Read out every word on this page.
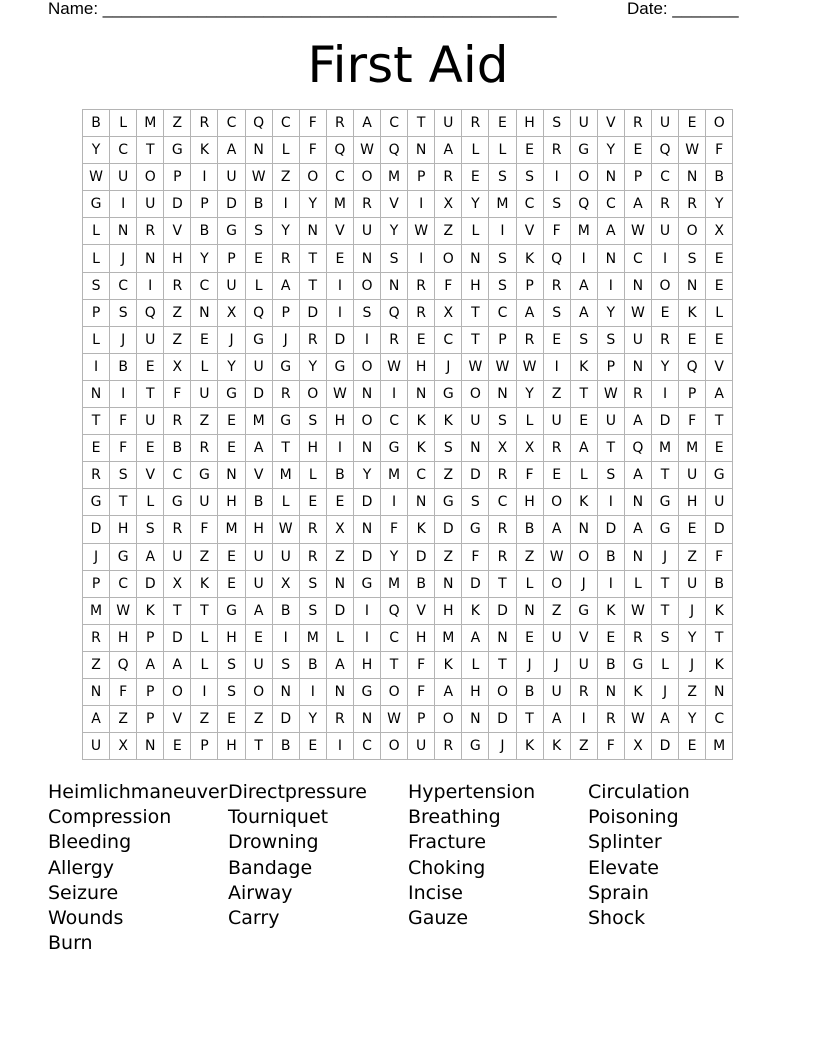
Name: ________________________________________________	Date: _______
First Aid
B	L	M	Z	R	C	Q	C	F	R	A	C	T	U	R	E	H	S	U	V	R	U	E	O
Y	C	T	G	K	A	N	L	F	Q	W	Q	N	A	L	L	E	R	G	Y	E	Q	W	F
W	U	O	P	I	U	W	Z	O	C	O	M	P	R	E	S	S	I	O	N	P	C	N	B
G	I	U	D	P	D	B	I	Y	M	R	V	I	X	Y	M	C	S	Q	C	A	R	R	Y
L	N	R	V	B	G	S	Y	N	V	U	Y	W	Z	L	I	V	F	M	A	W	U	O	X
L	J	N	H	Y	P	E	R	T	E	N	S	I	O	N	S	K	Q	I	N	C	I	S	E
S	C	I	R	C	U	L	A	T	I	O	N	R	F	H	S	P	R	A	I	N	O	N	E
P	S	Q	Z	N	X	Q	P	D	I	S	Q	R	X	T	C	A	S	A	Y	W	E	K	L
L	J	U	Z	E	J	G	J	R	D	I	R	E	C	T	P	R	E	S	S	U	R	E	E
I	B	E	X	L	Y	U	G	Y	G	O	W	H	J	W	W	W	I	K	P	N	Y	Q	V
N	I	T	F	U	G	D	R	O	W	N	I	N	G	O	N	Y	Z	T	W	R	I	P	A
T	F	U	R	Z	E	M	G	S	H	O	C	K	K	U	S	L	U	E	U	A	D	F	T
E	F	E	B	R	E	A	T	H	I	N	G	K	S	N	X	X	R	A	T	Q	M	M	E
R	S	V	C	G	N	V	M	L	B	Y	M	C	Z	D	R	F	E	L	S	A	T	U	G
G	T	L	G	U	H	B	L	E	E	D	I	N	G	S	C	H	O	K	I	N	G	H	U
D	H	S	R	F	M	H	W	R	X	N	F	K	D	G	R	B	A	N	D	A	G	E	D
J	G	A	U	Z	E	U	U	R	Z	D	Y	D	Z	F	R	Z	W	O	B	N	J	Z	F
P	C	D	X	K	E	U	X	S	N	G	M	B	N	D	T	L	O	J	I	L	T	U	B
M	W	K	T	T	G	A	B	S	D	I	Q	V	H	K	D	N	Z	G	K	W	T	J	K
R	H	P	D	L	H	E	I	M	L	I	C	H	M	A	N	E	U	V	E	R	S	Y	T
Z	Q	A	A	L	S	U	S	B	A	H	T	F	K	L	T	J	J	U	B	G	L	J	K
N	F	P	O	I	S	O	N	I	N	G	O	F	A	H	O	B	U	R	N	K	J	Z	N
A	Z	P	V	Z	E	Z	D	Y	R	N	W	P	O	N	D	T	A	I	R	W	A	Y	C
U	X	N	E	P	H	T	B	E	I	C	O	U	R	G	J	K	K	Z	F	X	D	E	M
Heimlichmaneuver Directpressure	Hypertension	Circulation
Compression	Tourniquet	Breathing	Poisoning
Bleeding	Drowning	Fracture	Splinter
Allergy	Bandage	Choking	Elevate
Seizure	Airway	Incise	Sprain
Wounds	Carry	Gauze	Shock
Burn
